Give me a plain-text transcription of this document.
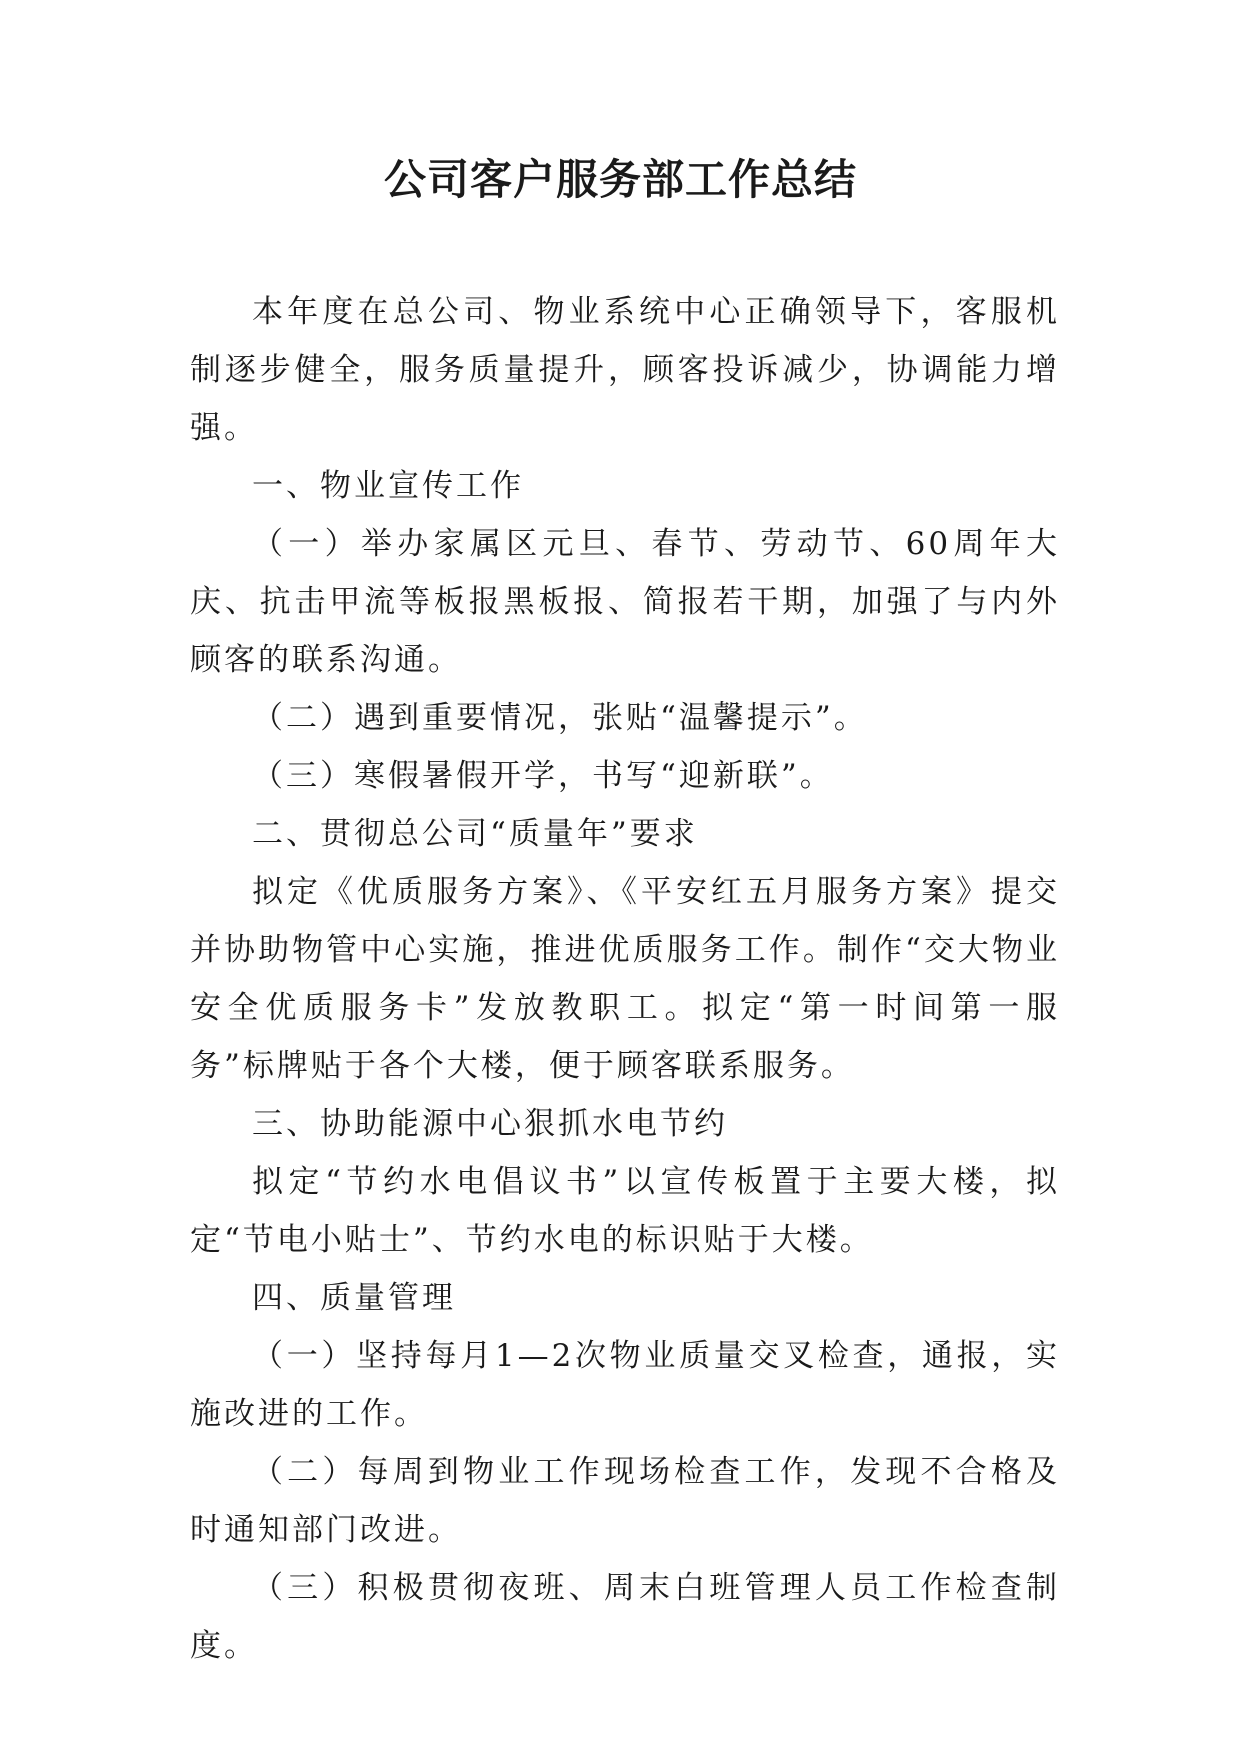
公司客户服务部工作总结

本年度在总公司、物业系统中心正确领导下，客服机制逐步健全，服务质量提升，顾客投诉减少，协调能力增强。

一、物业宣传工作

（一）举办家属区元旦、春节、劳动节、60周年大庆、抗击甲流等板报黑板报、简报若干期，加强了与内外顾客的联系沟通。

（二）遇到重要情况，张贴“温馨提示”。

（三）寒假暑假开学，书写“迎新联”。

二、贯彻总公司“质量年”要求

拟定《优质服务方案》、《平安红五月服务方案》提交并协助物管中心实施，推进优质服务工作。制作“交大物业安全优质服务卡”发放教职工。拟定“第一时间第一服务”标牌贴于各个大楼，便于顾客联系服务。

三、协助能源中心狠抓水电节约

拟定“节约水电倡议书”以宣传板置于主要大楼，拟定“节电小贴士”、节约水电的标识贴于大楼。

四、质量管理

（一）坚持每月1—2次物业质量交叉检查，通报，实施改进的工作。

（二）每周到物业工作现场检查工作，发现不合格及时通知部门改进。

（三）积极贯彻夜班、周末白班管理人员工作检查制度。
